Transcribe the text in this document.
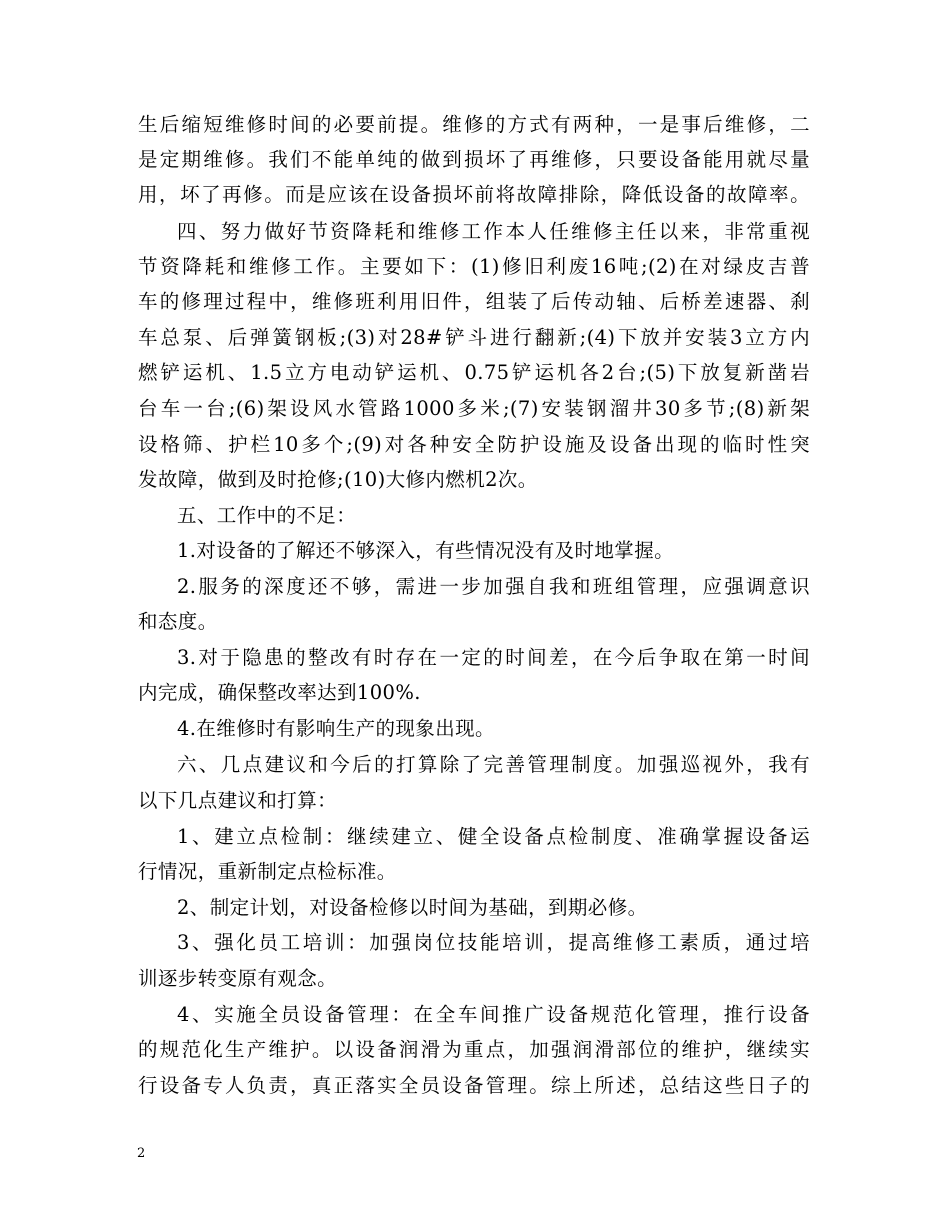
生后缩短维修时间的必要前提。维修的方式有两种，一是事后维修，二
是定期维修。我们不能单纯的做到损坏了再维修，只要设备能用就尽量
用，坏了再修。而是应该在设备损坏前将故障排除，降低设备的故障率。
四、努力做好节资降耗和维修工作本人任维修主任以来，非常重视
节资降耗和维修工作。主要如下：(1)修旧利废16吨;(2)在对绿皮吉普
车的修理过程中，维修班利用旧件，组装了后传动轴、后桥差速器、刹
车总泵、后弹簧钢板;(3)对28#铲斗进行翻新;(4)下放并安装3立方内
燃铲运机、1.5立方电动铲运机、0.75铲运机各2台;(5)下放复新凿岩
台车一台;(6)架设风水管路1000多米;(7)安装钢溜井30多节;(8)新架
设格筛、护栏10多个;(9)对各种安全防护设施及设备出现的临时性突
发故障，做到及时抢修;(10)大修内燃机2次。
五、工作中的不足：
1.对设备的了解还不够深入，有些情况没有及时地掌握。
2.服务的深度还不够，需进一步加强自我和班组管理，应强调意识
和态度。
3.对于隐患的整改有时存在一定的时间差，在今后争取在第一时间
内完成，确保整改率达到100%.
4.在维修时有影响生产的现象出现。
六、几点建议和今后的打算除了完善管理制度。加强巡视外，我有
以下几点建议和打算：
1、建立点检制：继续建立、健全设备点检制度、准确掌握设备运
行情况，重新制定点检标准。
2、制定计划，对设备检修以时间为基础，到期必修。
3、强化员工培训：加强岗位技能培训，提高维修工素质，通过培
训逐步转变原有观念。
4、实施全员设备管理：在全车间推广设备规范化管理，推行设备
的规范化生产维护。以设备润滑为重点，加强润滑部位的维护，继续实
行设备专人负责，真正落实全员设备管理。综上所述，总结这些日子的
2
